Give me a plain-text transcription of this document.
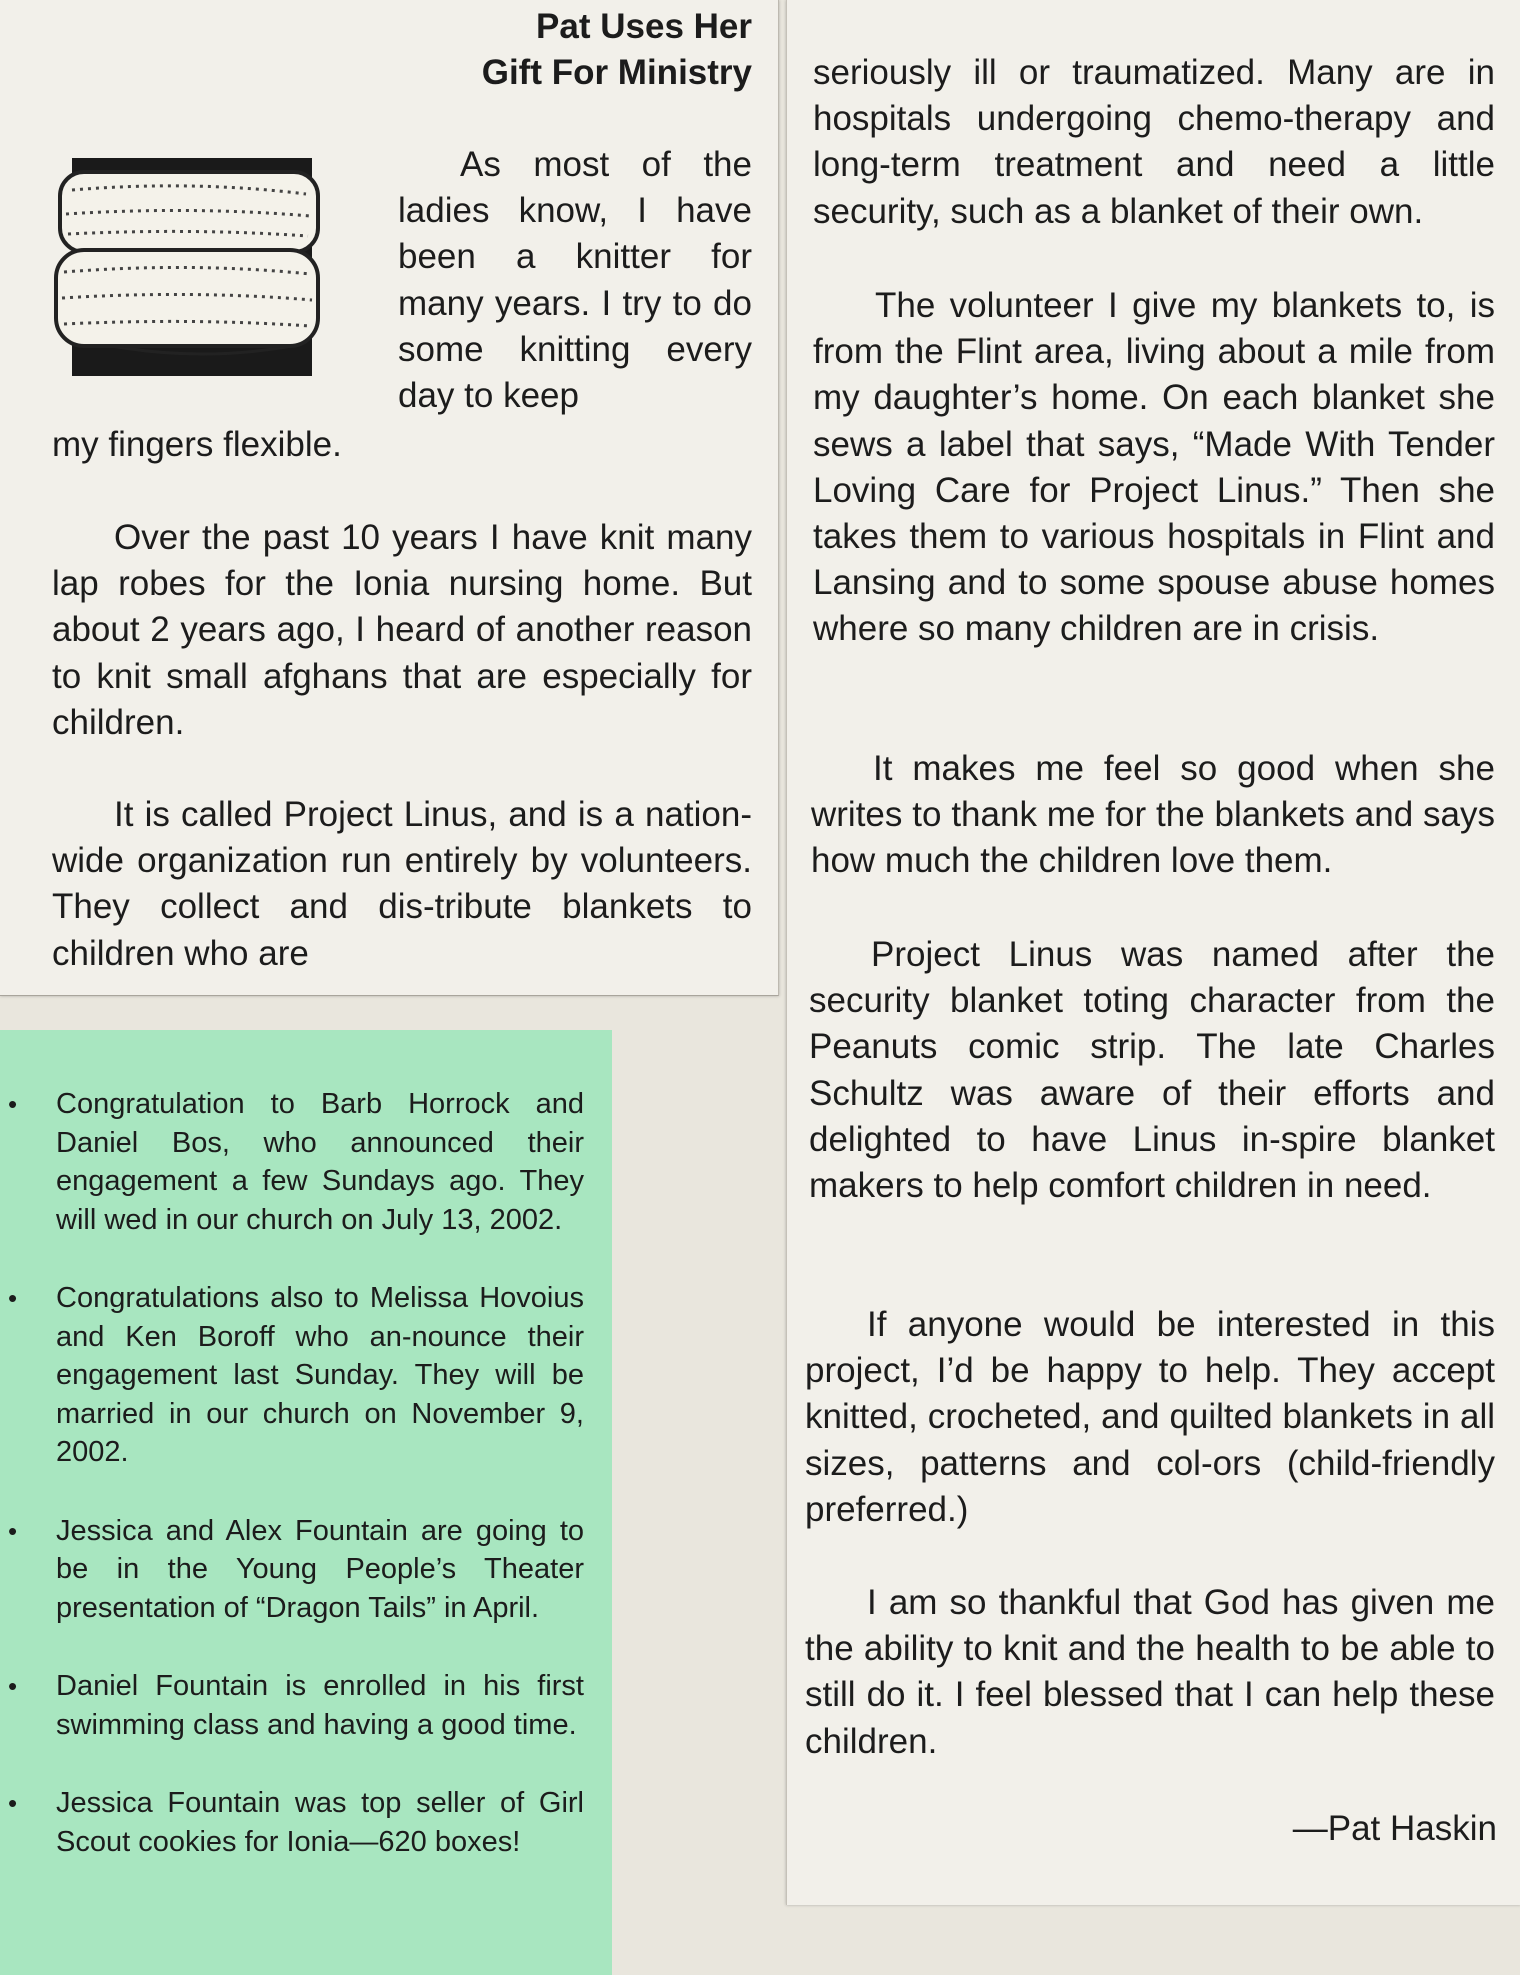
Pat Uses Her
Gift For Ministry

As most of the ladies know, I have been a knitter for many years. I try to do some knitting every day to keep

my fingers flexible.

Over the past 10 years I have knit many lap robes for the Ionia nursing home. But about 2 years ago, I heard of another reason to knit small afghans that are especially for children.

It is called Project Linus, and is a nation-wide organization run entirely by volunteers. They collect and dis-tribute blankets to children who are

seriously ill or traumatized. Many are in hospitals undergoing chemo-therapy and long-term treatment and need a little security, such as a blanket of their own.

The volunteer I give my blankets to, is from the Flint area, living about a mile from my daughter’s home. On each blanket she sews a label that says, “Made With Tender Loving Care for Project Linus.” Then she takes them to various hospitals in Flint and Lansing and to some spouse abuse homes where so many children are in crisis.

It makes me feel so good when she writes to thank me for the blankets and says how much the children love them.

Project Linus was named after the security blanket toting character from the Peanuts comic strip. The late Charles Schultz was aware of their efforts and delighted to have Linus in-spire blanket makers to help comfort children in need.

If anyone would be interested in this project, I’d be happy to help. They accept knitted, crocheted, and quilted blankets in all sizes, patterns and col-ors (child-friendly preferred.)

I am so thankful that God has given me the ability to knit and the health to be able to still do it. I feel blessed that I can help these children.

—Pat Haskin

• Congratulation to Barb Horrock and Daniel Bos, who announced their engagement a few Sundays ago. They will wed in our church on July 13, 2002.
• Congratulations also to Melissa Hovoius and Ken Boroff who an-nounce their engagement last Sunday. They will be married in our church on November 9, 2002.
• Jessica and Alex Fountain are going to be in the Young People’s Theater presentation of “Dragon Tails” in April.
• Daniel Fountain is enrolled in his first swimming class and having a good time.
• Jessica Fountain was top seller of Girl Scout cookies for Ionia—620 boxes!
